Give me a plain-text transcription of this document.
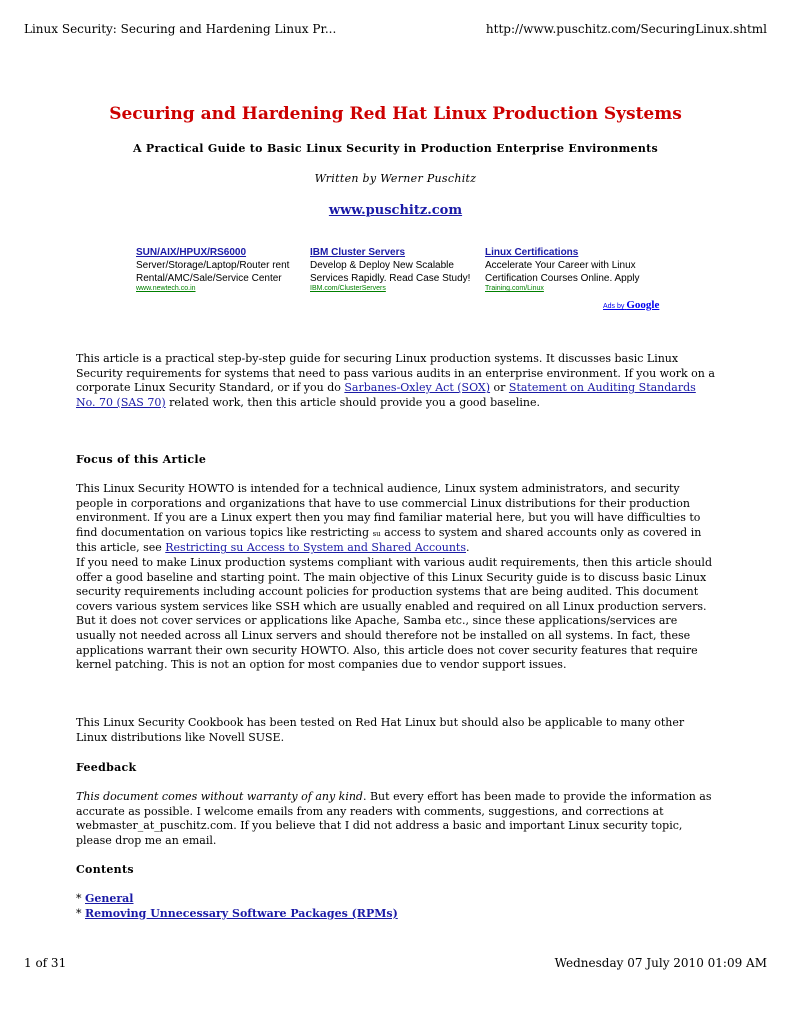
Linux Security: Securing and Hardening Linux Pr...	http://www.puschitz.com/SecuringLinux.shtml
Securing and Hardening Red Hat Linux Production Systems
A Practical Guide to Basic Linux Security in Production Enterprise Environments
Written by Werner Puschitz
www.puschitz.com
SUN/AIX/HPUX/RS6000
Server/Storage/Laptop/Router rent Rental/AMC/Sale/Service Center
www.newtech.co.in
IBM Cluster Servers
Develop & Deploy New Scalable Services Rapidly. Read Case Study!
IBM.com/ClusterServers
Linux Certifications
Accelerate Your Career with Linux Certification Courses Online. Apply
Training.com/Linux
Ads by Google
This article is a practical step-by-step guide for securing Linux production systems. It discusses basic Linux Security requirements for systems that need to pass various audits in an enterprise environment. If you work on a corporate Linux Security Standard, or if you do Sarbanes-Oxley Act (SOX) or Statement on Auditing Standards No. 70 (SAS 70) related work, then this article should provide you a good baseline.
Focus of this Article
This Linux Security HOWTO is intended for a technical audience, Linux system administrators, and security people in corporations and organizations that have to use commercial Linux distributions for their production environment. If you are a Linux expert then you may find familiar material here, but you will have difficulties to find documentation on various topics like restricting su access to system and shared accounts only as covered in this article, see Restricting su Access to System and Shared Accounts.
If you need to make Linux production systems compliant with various audit requirements, then this article should offer a good baseline and starting point. The main objective of this Linux Security guide is to discuss basic Linux security requirements including account policies for production systems that are being audited. This document covers various system services like SSH which are usually enabled and required on all Linux production servers. But it does not cover services or applications like Apache, Samba etc., since these applications/services are usually not needed across all Linux servers and should therefore not be installed on all systems. In fact, these applications warrant their own security HOWTO. Also, this article does not cover security features that require kernel patching. This is not an option for most companies due to vendor support issues.
This Linux Security Cookbook has been tested on Red Hat Linux but should also be applicable to many other Linux distributions like Novell SUSE.
Feedback
This document comes without warranty of any kind. But every effort has been made to provide the information as accurate as possible. I welcome emails from any readers with comments, suggestions, and corrections at webmaster_at_puschitz.com. If you believe that I did not address a basic and important Linux security topic, please drop me an email.
Contents
* General
* Removing Unnecessary Software Packages (RPMs)
1 of 31	Wednesday 07 July 2010 01:09 AM
